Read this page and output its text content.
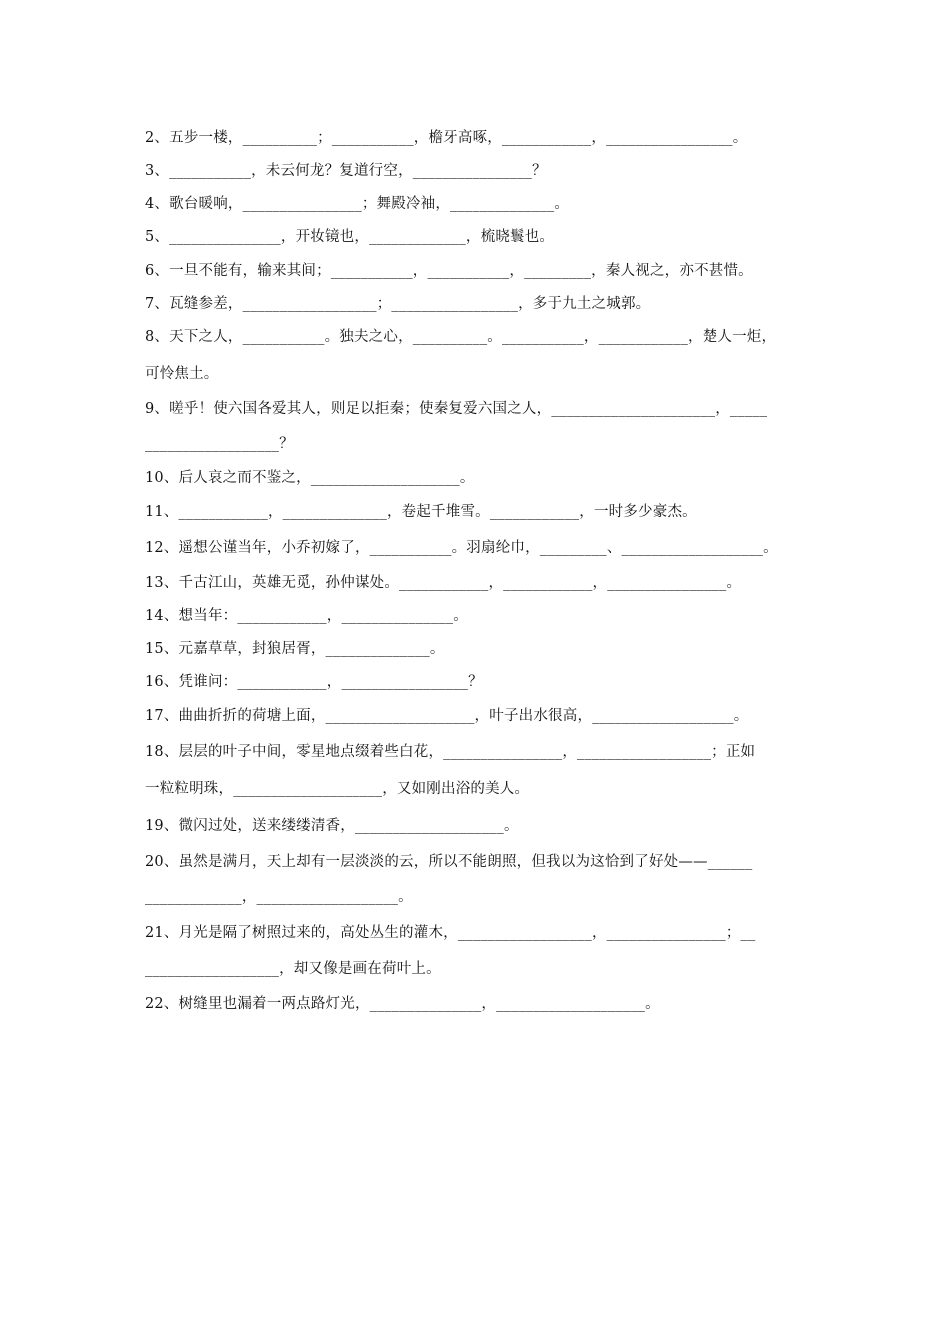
2、五步一楼，__________；___________，檐牙高啄，____________，_________________。
3、___________，未云何龙？复道行空，________________？
4、歌台暖响，________________；舞殿冷袖，______________。
5、_______________，开妆镜也，_____________，梳晓鬟也。
6、一旦不能有，输来其间；___________，___________，_________，秦人视之，亦不甚惜。
7、瓦缝参差，__________________；_________________，多于九土之城郭。
8、天下之人，___________。独夫之心，__________。___________，____________，楚人一炬，
可怜焦土。
9、嗟乎！使六国各爱其人，则足以拒秦；使秦复爱六国之人，______________________，_____
__________________？
10、后人哀之而不鉴之，____________________。
11、____________，______________，卷起千堆雪。____________，一时多少豪杰。
12、遥想公谨当年，小乔初嫁了，___________。羽扇纶巾，_________、___________________。
13、千古江山，英雄无觅，孙仲谋处。____________，____________，________________。
14、想当年：____________，_______________。
15、元嘉草草，封狼居胥，______________。
16、凭谁问：____________，_________________？
17、曲曲折折的荷塘上面，____________________，叶子出水很高，___________________。
18、层层的叶子中间，零星地点缀着些白花，________________，__________________；正如
一粒粒明珠，____________________，又如刚出浴的美人。
19、微闪过处，送来缕缕清香，____________________。
20、虽然是满月，天上却有一层淡淡的云，所以不能朗照，但我以为这恰到了好处——______
_____________，___________________。
21、月光是隔了树照过来的，高处丛生的灌木，__________________，________________；__
__________________，却又像是画在荷叶上。
22、树缝里也漏着一两点路灯光，_______________，____________________。
